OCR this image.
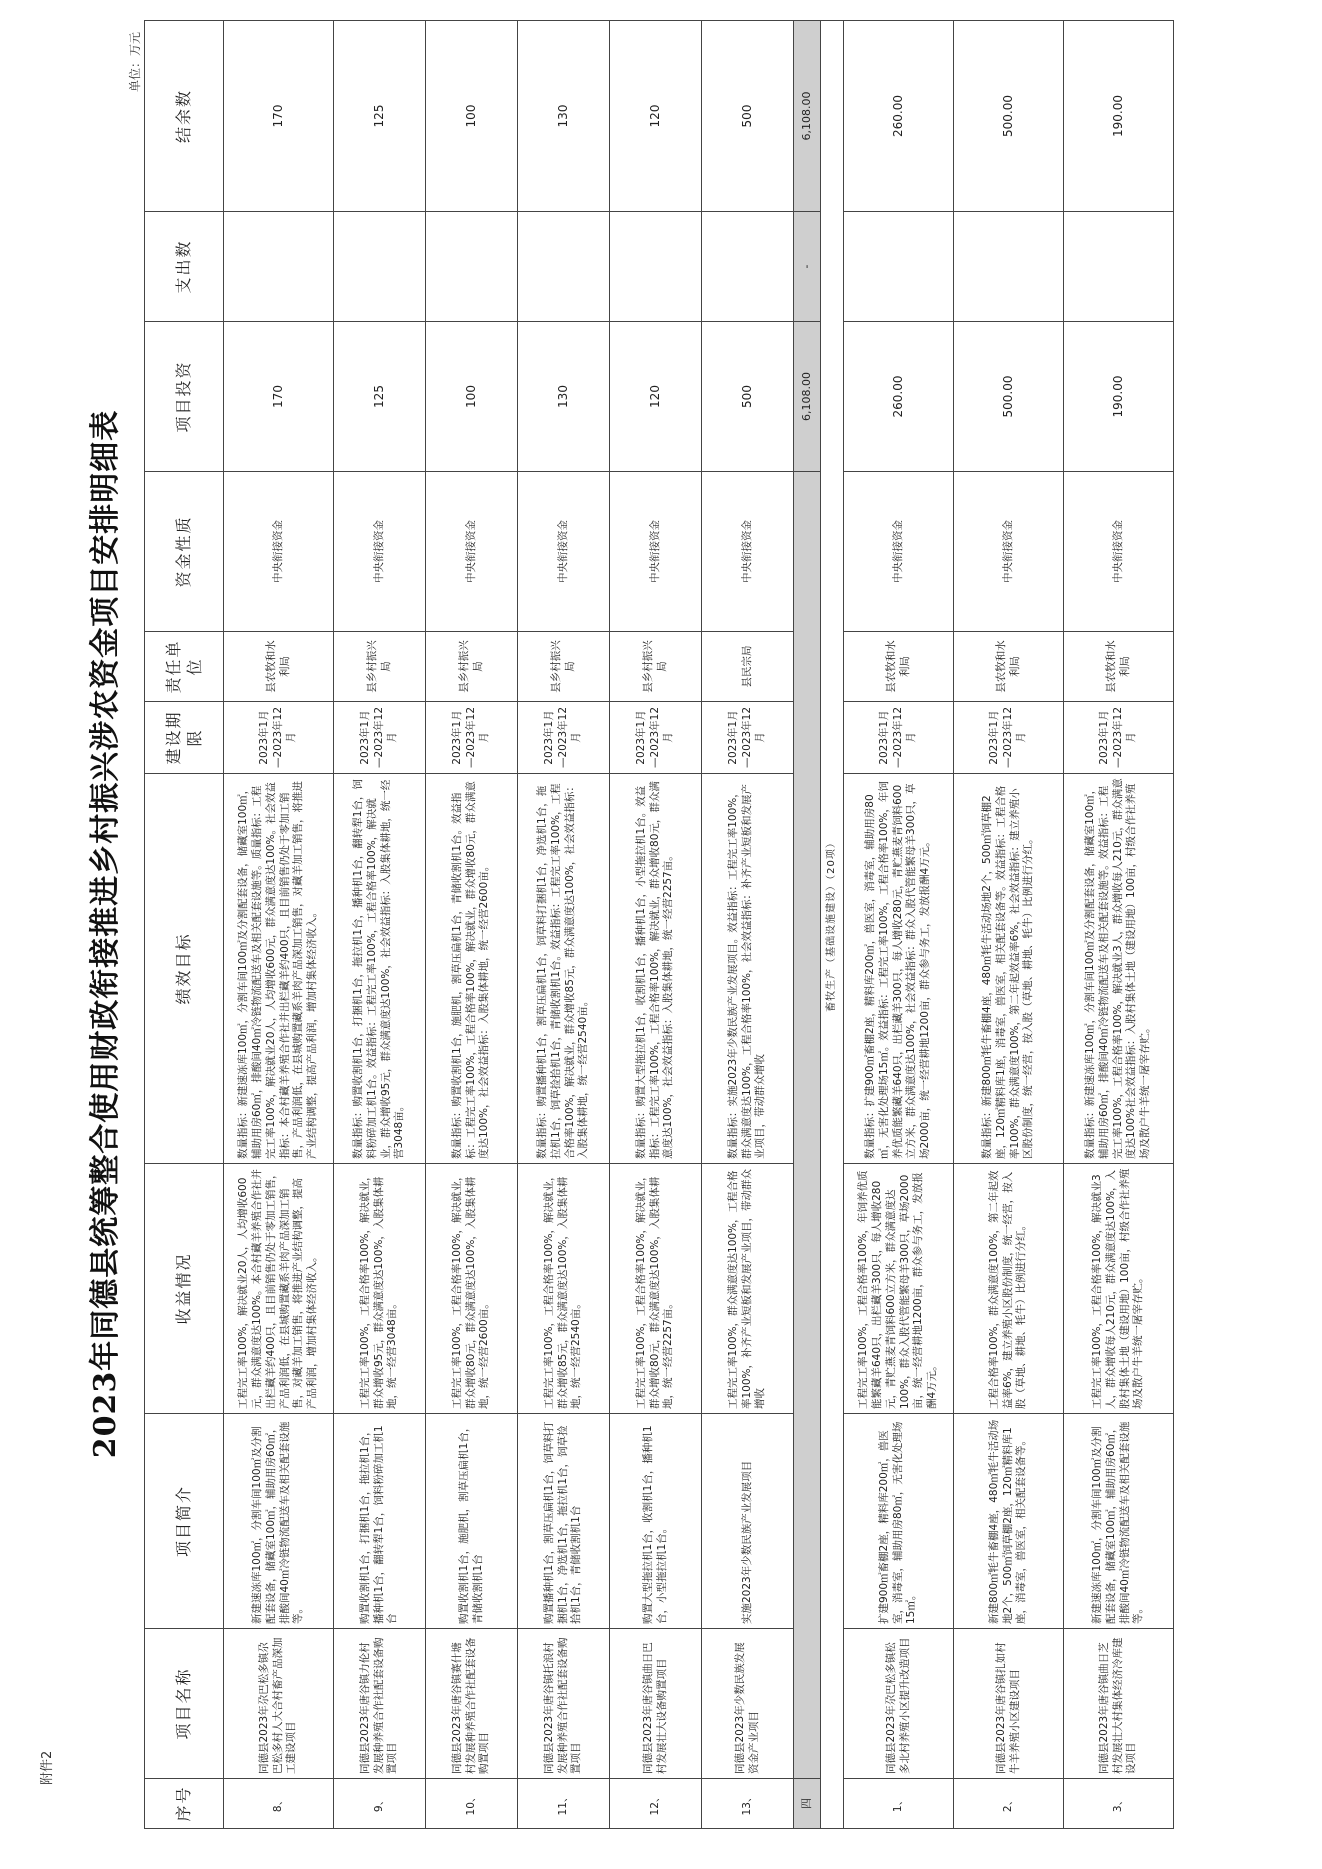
附件2
2023年同德县统筹整合使用财政衔接推进乡村振兴涉农资金项目安排明细表
单位：万元
序号	项目名称	项目简介	收益情况	绩效目标	建设期限	责任单位	资金性质	项目投资	支出数	结余数
8、	同德县2023年尕巴松多镇尕巴松多村人大合村畜产品深加工建设项目	新建速冻库100㎡，分割车间100㎡及分割配套设备，储藏室100㎡，辅助用房60㎡，排酸间40㎡冷链物流配送车及相关配套设施等。	工程完工率100%，解决就业20人，人均增收600元，群众满意度达100%。本合村藏羊养殖合作社并出栏藏羊约400只，且目前销售仍处于零加工销售，产品利润低，在县城购置藏系羊肉产品深加工销售，对藏羊加工销售，将推进产业结构调整，提高产品利润，增加村集体经济收入。	数量指标：新建速冻库100㎡，分割车间100㎡及分割配套设备，储藏室100㎡，辅助用房60㎡，排酸间40㎡冷链物流配送车及相关配套设施等。质量指标：工程完工率100%，解决就业20人，人均增收600元，群众满意度达100%。社会效益指标：本合村藏羊养殖合作社并出栏藏羊约400只，且目前销售仍处于零加工销售，产品利润低，在县城购置藏系羊肉产品深加工销售，对藏羊加工销售，将推进产业结构调整，提高产品利润，增加村集体经济收入。	2023年1月—2023年12月	县农牧和水利局	中央衔接资金	170		170
9、	同德县2023年唐谷镇力伦村发展种养殖合作社配套设备购置项目	购置收割机1台，打捆机1台，拖拉机1台，播种机1台，翻转犁1台，饲料粉碎加工机1台	工程完工率100%，工程合格率100%，解决就业，群众增收95元，群众满意度达100%，入股集体耕地，统一经营3048亩。	数量指标：购置收割机1台，打捆机1台，拖拉机1台，播种机1台，翻转犁1台，饲料粉碎加工机1台。效益指标：工程完工率100%，工程合格率100%，解决就业，群众增收95元，群众满意度达100%，社会效益指标：入股集体耕地，统一经营3048亩。	2023年1月—2023年12月	县乡村振兴局	中央衔接资金	125		125
10、	同德县2023年唐谷镇赛什塘村发展种养殖合作社配套设备购置项目	购置收割机1台，施肥机，割草压扁机1台，青储收割机1台	工程完工率100%，工程合格率100%，解决就业，群众增收80元，群众满意度达100%，入股集体耕地，统一经营2600亩。	数量指标：购置收割机1台，施肥机，割草压扁机1台，青储收割机1台。效益指标：工程完工率100%，工程合格率100%，解决就业，群众增收80元，群众满意度达100%，社会效益指标：入股集体耕地，统一经营2600亩。	2023年1月—2023年12月	县乡村振兴局	中央衔接资金	100		100
11、	同德县2023年唐谷镇托浪村发展种养殖合作社配套设备购置项目	购置播种机1台，割草压扁机1台，饲草料打捆机1台，净选机1台，拖拉机1台，饲草捡拾机1台，青储收割机1台	工程完工率100%，工程合格率100%，解决就业，群众增收85元，群众满意度达100%，入股集体耕地，统一经营2540亩。	数量指标：购置播种机1台，割草压扁机1台，饲草料打捆机1台，净选机1台，拖拉机1台，饲草捡拾机1台，青储收割机1台。效益指标：工程完工率100%，工程合格率100%，解决就业，群众增收85元，群众满意度达100%，社会效益指标：入股集体耕地，统一经营2540亩。	2023年1月—2023年12月	县乡村振兴局	中央衔接资金	130		130
12、	同德县2023年唐谷镇曲日巴村发展壮大设备购置项目	购置大型拖拉机1台，收割机1台，播种机1台，小型拖拉机1台。	工程完工率100%，工程合格率100%，解决就业，群众增收80元，群众满意度达100%，入股集体耕地，统一经营2257亩。	数量指标：购置大型拖拉机1台，收割机1台，播种机1台，小型拖拉机1台。效益指标：工程完工率100%，工程合格率100%，解决就业，群众增收80元，群众满意度达100%，社会效益指标：入股集体耕地，统一经营2257亩。	2023年1月—2023年12月	县乡村振兴局	中央衔接资金	120		120
13、	同德县2023年少数民族发展资金产业项目	实施2023年少数民族产业发展项目	工程完工率100%，群众满意度达100%，工程合格率100%，补齐产业短板和发展产业项目，带动群众增收	数量指标：实施2023年少数民族产业发展项目。效益指标：工程完工率100%，群众满意度达100%，工程合格率100%，社会效益指标：补齐产业短板和发展产业项目，带动群众增收	2023年1月—2023年12月	县民宗局	中央衔接资金	500		500
四								6,108.00	-	6,108.00
畜牧生产（基础设施建设）（20项）										
1、	同德县2023年尕巴松多镇松多北村养殖小区提升改造项目	扩建900㎡畜棚2座，精料库200㎡，兽医室，消毒室，辅助用房80㎡，无害化处理场15㎡。	工程完工率100%，工程合格率100%，年饲养优质能繁藏羊640只，出栏藏羊300只，每人增收280元，青贮燕麦青饲料600立方米，群众满意度达100%，群众入股代管能繁母羊300只，草场2000亩，统一经营耕地1200亩，群众参与务工，发放报酬4万元。	数量指标：扩建900㎡畜棚2座，精料库200㎡，兽医室，消毒室，辅助用房80㎡，无害化处理场15㎡。效益指标：工程完工率100%，工程合格率100%，年饲养优质能繁藏羊640只，出栏藏羊300只，每人增收280元，青贮燕麦青饲料600立方米，群众满意度达100%，社会效益指标：群众入股代管能繁母羊300只，草场2000亩，统一经营耕地1200亩，群众参与务工，发放报酬4万元。	2023年1月—2023年12月	县农牧和水利局	中央衔接资金	260.00		260.00
2、	同德县2023年唐谷镇扎如村牛羊养殖小区建设项目	新建800㎡牦牛畜棚4座，480㎡牦牛活动场地2个，500㎡饲草棚2座，120㎡精料库1座，消毒室，兽医室，相关配套设备等。	工程合格率100%，群众满意度100%，第二年起效益率6%，建立养殖小区股份制度，统一经营，按入股（草地、耕地、牦牛）比例进行分红。	数量指标：新建800㎡牦牛畜棚4座，480㎡牦牛活动场地2个，500㎡饲草棚2座，120㎡精料库1座，消毒室，兽医室，相关配套设备等。效益指标：工程合格率100%，群众满意度100%，第二年起效益率6%，社会效益指标：建立养殖小区股份制度，统一经营，按入股（草地、耕地、牦牛）比例进行分红。	2023年1月—2023年12月	县农牧和水利局	中央衔接资金	500.00		500.00
3、	同德县2023年唐谷镇曲日芝村发展壮大村集体经济冷库建设项目	新建速冻库100㎡，分割车间100㎡及分割配套设备，储藏室100㎡，辅助用房60㎡，排酸间40㎡冷链物流配送车及相关配套设施等。	工程完工率100%，工程合格率100%，解决就业3人，群众增收每人210元，群众满意度达100%，入股村集体土地（建设用地）100亩，村级合作社养殖场及散户牛羊统一屠宰存贮。	数量指标：新建速冻库100㎡，分割车间100㎡及分割配套设备，储藏室100㎡，辅助用房60㎡，排酸间40㎡冷链物流配送车及相关配套设施等。效益指标：工程完工率100%，工程合格率100%，解决就业3人，群众增收每人210元，群众满意度达100%社会效益指标：入股村集体土地（建设用地）100亩，村级合作社养殖场及散户牛羊统一屠宰存贮。	2023年1月—2023年12月	县农牧和水利局	中央衔接资金	190.00		190.00
